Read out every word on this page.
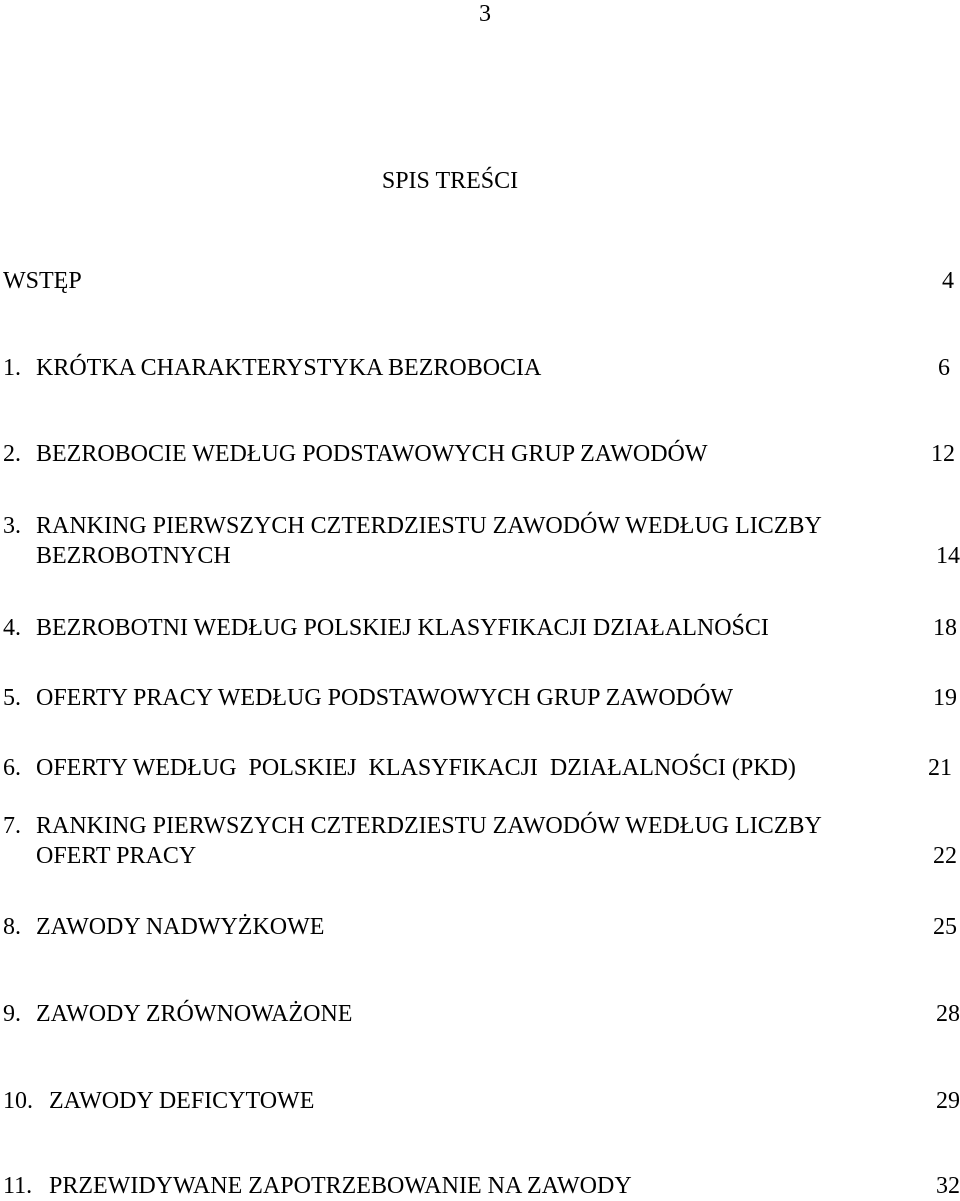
3
SPIS TREŚCI
WSTĘP	4
1. KRÓTKA CHARAKTERYSTYKA BEZROBOCIA	6
2. BEZROBOCIE WEDŁUG PODSTAWOWYCH GRUP ZAWODÓW	12
3. RANKING PIERWSZYCH CZTERDZIESTU ZAWODÓW WEDŁUG LICZBY
BEZROBOTNYCH	14
4. BEZROBOTNI WEDŁUG POLSKIEJ KLASYFIKACJI DZIAŁALNOŚCI	18
5. OFERTY PRACY WEDŁUG PODSTAWOWYCH GRUP ZAWODÓW	19
6. OFERTY WEDŁUG  POLSKIEJ  KLASYFIKACJI  DZIAŁALNOŚCI (PKD)	21
7. RANKING PIERWSZYCH CZTERDZIESTU ZAWODÓW WEDŁUG LICZBY
OFERT PRACY	22
8. ZAWODY NADWYŻKOWE	25
9. ZAWODY ZRÓWNOWAŻONE	28
10. ZAWODY DEFICYTOWE	29
11. PRZEWIDYWANE ZAPOTRZEBOWANIE NA ZAWODY	32
